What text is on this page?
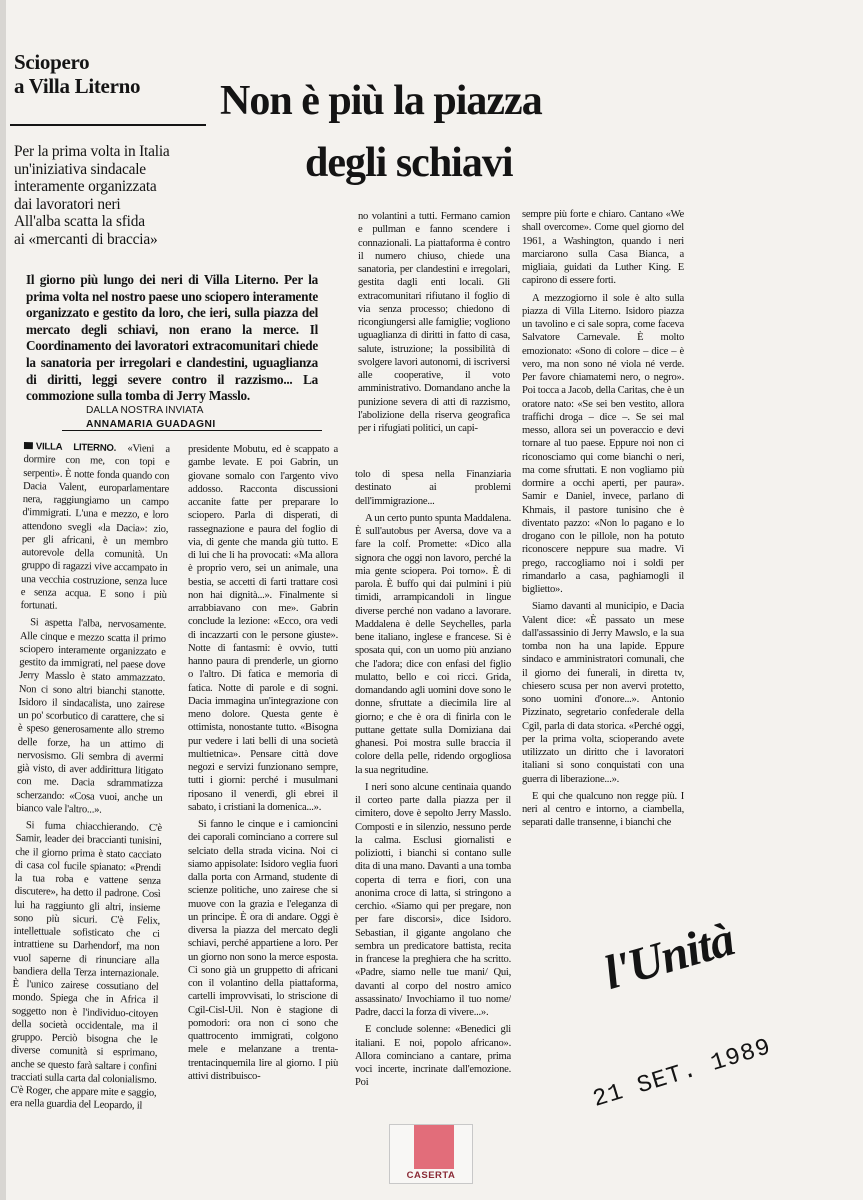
Sciopero
a Villa Literno	Non è più la piazza
degli schiavi
Per la prima volta in Italia
un'iniziativa sindacale
interamente organizzata
dai lavoratori neri
All'alba scatta la sfida
ai «mercanti di braccia»
Il giorno più lungo dei neri di Villa Literno. Per la prima volta nel nostro paese uno sciopero interamente organizzato e gestito da loro, che ieri, sulla piazza del mercato degli schiavi, non erano la merce. Il Coordinamento dei lavoratori extracomunitari chiede la sanatoria per irregolari e clandestini, uguaglianza di diritti, leggi severe contro il razzismo... La commozione sulla tomba di Jerry Masslo.
DALLA NOSTRA INVIATA
ANNAMARIA GUADAGNI

VILLA LITERNO. «Vieni a dormire con me, con topi e serpenti». È notte fonda quando con Dacia Valent, europarlamentare nera, raggiungiamo un campo d'immigrati. L'una e mezzo, e loro attendono svegli «la Dacia»: zio, per gli africani, è un membro autorevole della comunità. Un gruppo di ragazzi vive accampato in una vecchia costruzione, senza luce e senza acqua. E sono i più fortunati.

Si aspetta l'alba, nervosamente. Alle cinque e mezzo scatta il primo sciopero interamente organizzato e gestito da immigrati, nel paese dove Jerry Masslo è stato ammazzato. Non ci sono altri bianchi stanotte. Isidoro il sindacalista, uno zairese un po' scorbutico di carattere, che si è speso generosamente allo stremo delle forze, ha un attimo di nervosismo. Gli sembra di avermi già visto, di aver addirittura litigato con me. Dacia sdrammatizza scherzando: «Cosa vuoi, anche un bianco vale l'altro...».

Si fuma chiacchierando. C'è Samir, leader dei braccianti tunisini, che il giorno prima è stato cacciato di casa col fucile spianato: «Prendi la tua roba e vattene senza discutere», ha detto il padrone. Così lui ha raggiunto gli altri, insieme sono più sicuri. C'è Felix, intellettuale sofisticato che ci intrattiene su Darhendorf, ma non vuol saperne di rinunciare alla bandiera della Terza internazionale. È l'unico zairese cossutiano del mondo. Spiega che in Africa il soggetto non è l'individuo-citoyen della società occidentale, ma il gruppo. Perciò bisogna che le diverse comunità si esprimano, anche se questo farà saltare i confini tracciati sulla carta dal colonialismo. C'è Roger, che appare mite e saggio, era nella guardia del Leopardo, il

presidente Mobutu, ed è scappato a gambe levate. E poi Gabrin, un giovane somalo con l'argento vivo addosso. Racconta discussioni accanite fatte per preparare lo sciopero. Parla di disperati, di rassegnazione e paura del foglio di via, di gente che manda giù tutto. E di lui che li ha provocati: «Ma allora è proprio vero, sei un animale, una bestia, se accetti di farti trattare così non hai dignità...». Finalmente si arrabbiavano con me». Gabrin conclude la lezione: «Ecco, ora vedi di incazzarti con le persone giuste». Notte di fantasmi: è ovvio, tutti hanno paura di prenderle, un giorno o l'altro. Di fatica e memoria di fatica. Notte di parole e di sogni. Dacia immagina un'integrazione con meno dolore. Questa gente è ottimista, nonostante tutto. «Bisogna pur vedere i lati belli di una società multietnica». Pensare città dove negozi e servizi funzionano sempre, tutti i giorni: perché i musulmani riposano il venerdì, gli ebrei il sabato, i cristiani la domenica...».

Si fanno le cinque e i camioncini dei caporali cominciano a correre sul selciato della strada vicina. Noi ci siamo appisolate: Isidoro veglia fuori dalla porta con Armand, studente di scienze politiche, uno zairese che si muove con la grazia e l'eleganza di un principe. È ora di andare. Oggi è diversa la piazza del mercato degli schiavi, perché appartiene a loro. Per un giorno non sono la merce esposta. Ci sono già un gruppetto di africani con il volantino della piattaforma, cartelli improvvisati, lo striscione di Cgil-Cisl-Uil. Non è stagione di pomodori: ora non ci sono che quattrocento immigrati, colgono mele e melanzane a trenta-trentacinquemila lire al giorno. I più attivi distribuisco-

no volantini a tutti. Fermano camion e pullman e fanno scendere i connazionali. La piattaforma è contro il numero chiuso, chiede una sanatoria, per clandestini e irregolari, gestita dagli enti locali. Gli extracomunitari rifiutano il foglio di via senza processo; chiedono di ricongiungersi alle famiglie; vogliono uguaglianza di diritti in fatto di casa, salute, istruzione; la possibilità di svolgere lavori autonomi, di iscriversi alle cooperative, il voto amministrativo. Domandano anche la punizione severa di atti di razzismo, l'abolizione della riserva geografica per i rifugiati politici, un capi-

tolo di spesa nella Finanziaria destinato ai problemi dell'immigrazione...

A un certo punto spunta Maddalena. È sull'autobus per Aversa, dove va a fare la colf. Promette: «Dico alla signora che oggi non lavoro, perché la mia gente sciopera. Poi torno». È di parola. È buffo qui dai pulmini i più timidi, arrampicandoli in lingue diverse perché non vadano a lavorare. Maddalena è delle Seychelles, parla bene italiano, inglese e francese. Si è sposata qui, con un uomo più anziano che l'adora; dice con enfasi del figlio mulatto, bello e coi ricci. Grida, domandando agli uomini dove sono le donne, sfruttate a diecimila lire al giorno; e che è ora di finirla con le puttane gettate sulla Domiziana dai ghanesi. Poi mostra sulle braccia il colore della pelle, ridendo orgogliosa la sua negritudine.

I neri sono alcune centinaia quando il corteo parte dalla piazza per il cimitero, dove è sepolto Jerry Masslo. Composti e in silenzio, nessuno perde la calma. Esclusi giornalisti e poliziotti, i bianchi si contano sulle dita di una mano. Davanti a una tomba coperta di terra e fiori, con una anonima croce di latta, si stringono a cerchio. «Siamo qui per pregare, non per fare discorsi», dice Isidoro. Sebastian, il gigante angolano che sembra un predicatore battista, recita in francese la preghiera che ha scritto. «Padre, siamo nelle tue mani/ Qui, davanti al corpo del nostro amico assassinato/ Invochiamo il tuo nome/ Padre, dacci la forza di vivere...».

E conclude solenne: «Benedici gli italiani. E noi, popolo africano». Allora cominciano a cantare, prima voci incerte, incrinate dall'emozione. Poi

sempre più forte e chiaro. Cantano «We shall overcome». Come quel giorno del 1961, a Washington, quando i neri marciarono sulla Casa Bianca, a migliaia, guidati da Luther King. E capirono di essere forti.

A mezzogiorno il sole è alto sulla piazza di Villa Literno. Isidoro piazza un tavolino e ci sale sopra, come faceva Salvatore Carnevale. È molto emozionato: «Sono di colore – dice – è vero, ma non sono né viola né verde. Per favore chiamatemi nero, o negro». Poi tocca a Jacob, della Caritas, che è un oratore nato: «Se sei ben vestito, allora traffichi droga – dice –. Se sei mal messo, allora sei un poveraccio e devi tornare al tuo paese. Eppure noi non ci riconosciamo qui come bianchi o neri, ma come sfruttati. E non vogliamo più dormire a occhi aperti, per paura». Samir e Daniel, invece, parlano di Khmais, il pastore tunisino che è diventato pazzo: «Non lo pagano e lo drogano con le pillole, non ha potuto riconoscere neppure sua madre. Vi prego, raccogliamo noi i soldi per rimandarlo a casa, paghiamogli il biglietto».

Siamo davanti al municipio, e Dacia Valent dice: «È passato un mese dall'assassinio di Jerry Mawslo, e la sua tomba non ha una lapide. Eppure sindaco e amministratori comunali, che il giorno dei funerali, in diretta tv, chiesero scusa per non avervi protetto, sono uomini d'onore...». Antonio Pizzinato, segretario confederale della Cgil, parla di data storica. «Perché oggi, per la prima volta, scioperando avete utilizzato un diritto che i lavoratori italiani si sono conquistati con una guerra di liberazione...».

E qui che qualcuno non regge più. I neri al centro e intorno, a ciambella, separati dalle transenne, i bianchi che

l'Unità
21 SET. 1989
CASERTA
